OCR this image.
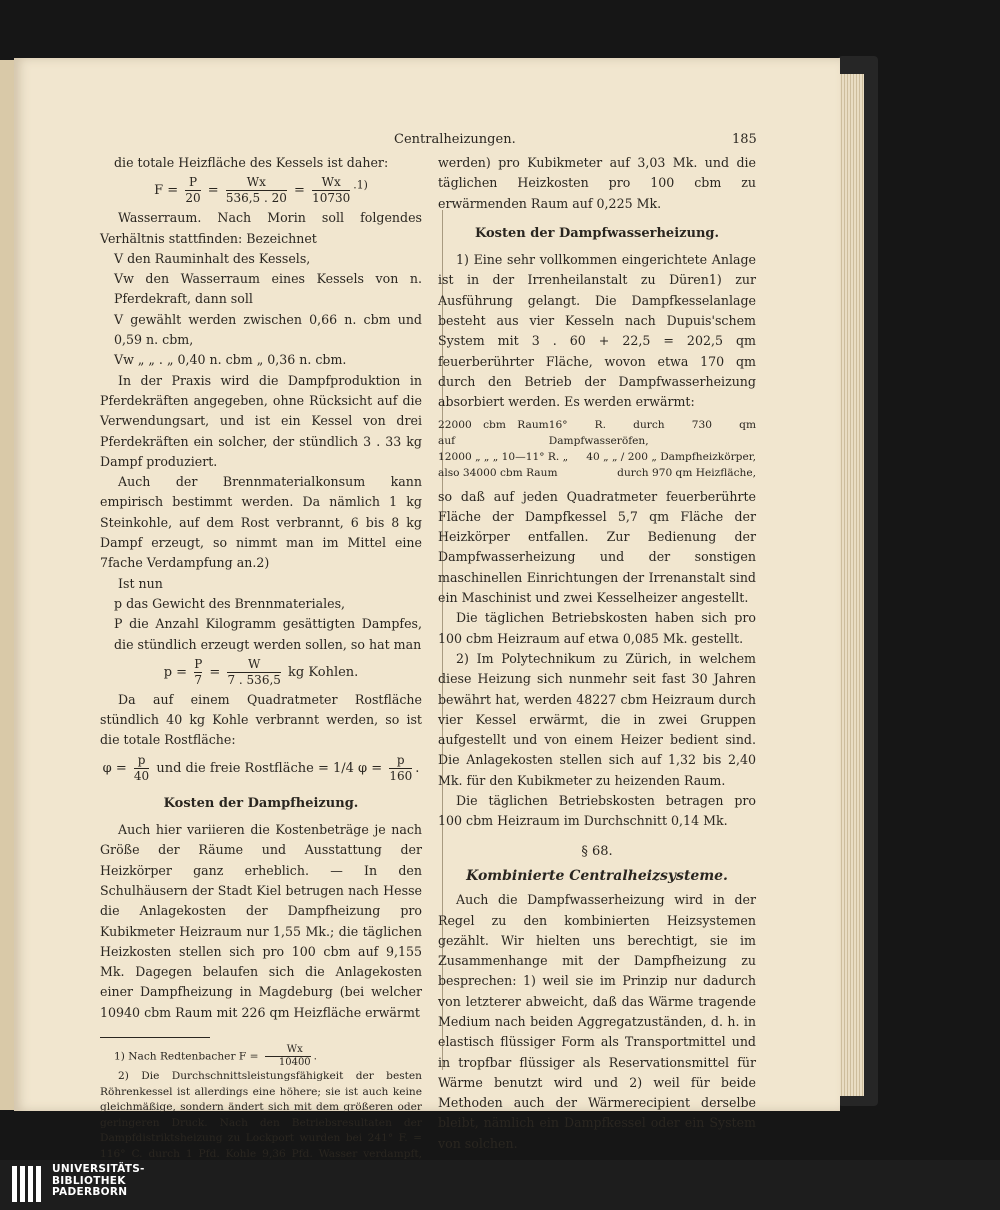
Centralheizungen.	185

die totale Heizfläche des Kessels ist daher:

$F = \frac{P}{20} = \frac{Wx}{536,5 . 20} = \frac{Wx}{10730} ^{.1)}$

Wasserraum. Nach Morin soll folgendes Verhältnis stattfinden: Bezeichnet

V den Rauminhalt des Kessels,

Vw den Wasserraum eines Kessels von n. Pferdekraft, dann soll

V gewählt werden zwischen 0,66 n. cbm und 0,59 n. cbm,

Vw „ „ . „ 0,40 n. cbm „ 0,36 n. cbm.

In der Praxis wird die Dampfproduktion in Pferdekräften angegeben, ohne Rücksicht auf die Verwendungsart, und ist ein Kessel von drei Pferdekräften ein solcher, der stündlich 3 . 33 kg Dampf produziert.

Auch der Brennmaterialkonsum kann empirisch bestimmt werden. Da nämlich 1 kg Steinkohle, auf dem Rost verbrannt, 6 bis 8 kg Dampf erzeugt, so nimmt man im Mittel eine 7fache Verdampfung an.2)

Ist nun

p das Gewicht des Brennmateriales,

P die Anzahl Kilogramm gesättigten Dampfes, die stündlich erzeugt werden sollen, so hat man

$p = \frac{P}{7} = \frac{W}{7 . 536,5}$ kg Kohlen.

Da auf einem Quadratmeter Rostfläche stündlich 40 kg Kohle verbrannt werden, so ist die totale Rostfläche:

$\varphi = \frac{p}{40}$ und die freie Rostfläche = 1/4 $\varphi = \frac{p}{160}$ .
Kosten der Dampfheizung.

Auch hier variieren die Kostenbeträge je nach Größe der Räume und Ausstattung der Heizkörper ganz erheblich. — In den Schulhäusern der Stadt Kiel betrugen nach Hesse die Anlagekosten der Dampfheizung pro Kubikmeter Heizraum nur 1,55 Mk.; die täglichen Heizkosten stellen sich pro 100 cbm auf 9,155 Mk. Dagegen belaufen sich die Anlagekosten einer Dampfheizung in Magdeburg (bei welcher 10940 cbm Raum mit 226 qm Heizfläche erwärmt

1) Nach Redtenbacher $F = \frac{Wx}{10400}$ .

2) Die Durchschnittsleistungsfähigkeit der besten Röhrenkessel ist allerdings eine höhere; sie ist auch keine gleichmäßige, sondern ändert sich mit dem größeren oder geringeren Druck. Nach den Betriebsresultaten der Dampfdistriktsheizung zu Lockport wurden bei 241° F. = 116° C. durch 1 Pfd. Kohle 9,36 Pfd. Wasser verdampft,

werden) pro Kubikmeter auf 3,03 Mk. und die täglichen Heizkosten pro 100 cbm zu erwärmenden Raum auf 0,225 Mk.

Kosten der Dampfwasserheizung.

1) Eine sehr vollkommen eingerichtete Anlage ist in der Irrenheilanstalt zu Düren1) zur Ausführung gelangt. Die Dampfkesselanlage besteht aus vier Kesseln nach Dupuis'schem System mit 3 . 60 + 22,5 = 202,5 qm feuerberührter Fläche, wovon etwa 170 qm durch den Betrieb der Dampfwasserheizung absorbiert werden. Es werden erwärmt:

22000 cbm Raum auf
16° R. durch 730 qm Dampfwasseröfen,
12000 „ „ „ 10—11° R. „ 40 „ „ / 200 „ Dampfheizkörper,
also 34000 cbm Raum	durch 970 qm Heizfläche,

so daß auf jeden Quadratmeter feuerberührte Fläche der Dampfkessel 5,7 qm Fläche der Heizkörper entfallen. Zur Bedienung der Dampfwasserheizung und der sonstigen maschinellen Einrichtungen der Irrenanstalt sind ein Maschinist und zwei Kesselheizer angestellt.

Die täglichen Betriebskosten haben sich pro 100 cbm Heizraum auf etwa 0,085 Mk. gestellt.

2) Im Polytechnikum zu Zürich, in welchem diese Heizung sich nunmehr seit fast 30 Jahren bewährt hat, werden 48227 cbm Heizraum durch vier Kessel erwärmt, die in zwei Gruppen aufgestellt und von einem Heizer bedient sind. Die Anlagekosten stellen sich auf 1,32 bis 2,40 Mk. für den Kubikmeter zu heizenden Raum.

Die täglichen Betriebskosten betragen pro 100 cbm Heizraum im Durchschnitt 0,14 Mk.

§ 68.
Kombinierte Centralheizsysteme.

Auch die Dampfwasserheizung wird in der Regel zu den kombinierten Heizsystemen gezählt. Wir hielten uns berechtigt, sie im Zusammenhange mit der Dampfheizung zu besprechen: 1) weil sie im Prinzip nur dadurch von letzterer abweicht, daß das Wärme tragende Medium nach beiden Aggregatzuständen, d. h. in elastisch flüssiger Form als Transportmittel und in tropfbar flüssiger als Reservationsmittel für Wärme benutzt wird und 2) weil für beide Methoden auch der Wärmerecipient derselbe bleibt, nämlich ein Dampfkessel oder ein System von solchen.

UNIVERSITÄTS-
BIBLIOTHEK
PADERBORN
